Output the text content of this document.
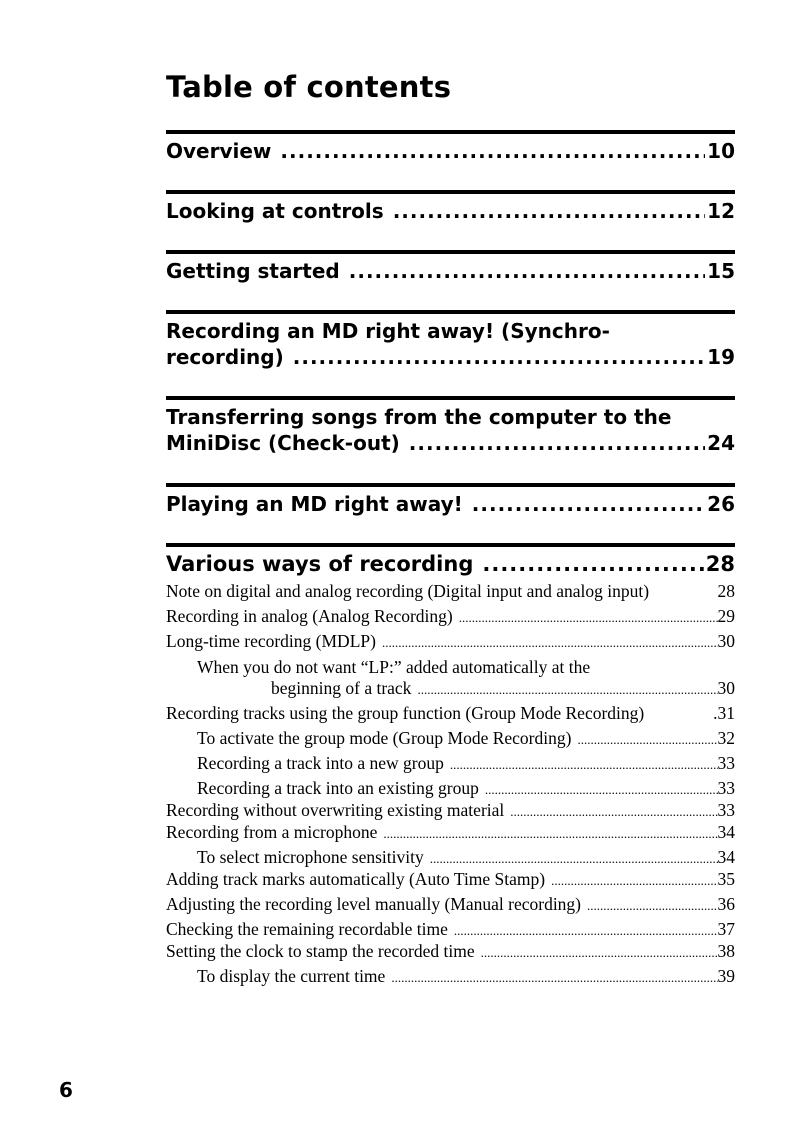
Table of contents
Overview .....	10
Looking at controls .....	12
Getting started .....	15
Recording an MD right away! (Synchro-
recording) .....	19
Transferring songs from the computer to the
MiniDisc (Check-out) .....	24
Playing an MD right away! .....	26
Various ways of recording .....	28
Note on digital and analog recording (Digital input and analog input)	28
Recording in analog (Analog Recording) .....	29
Long-time recording (MDLP) .....	30
When you do not want “LP:” added automatically at the
beginning of a track .....	30
Recording tracks using the group function (Group Mode Recording)	.31
To activate the group mode (Group Mode Recording) .....	32
Recording a track into a new group .....	33
Recording a track into an existing group .....	33
Recording without overwriting existing material .....	33
Recording from a microphone .....	34
To select microphone sensitivity .....	34
Adding track marks automatically (Auto Time Stamp) .....	35
Adjusting the recording level manually (Manual recording) .....	36
Checking the remaining recordable time .....	37
Setting the clock to stamp the recorded time .....	38
To display the current time .....	39
6
